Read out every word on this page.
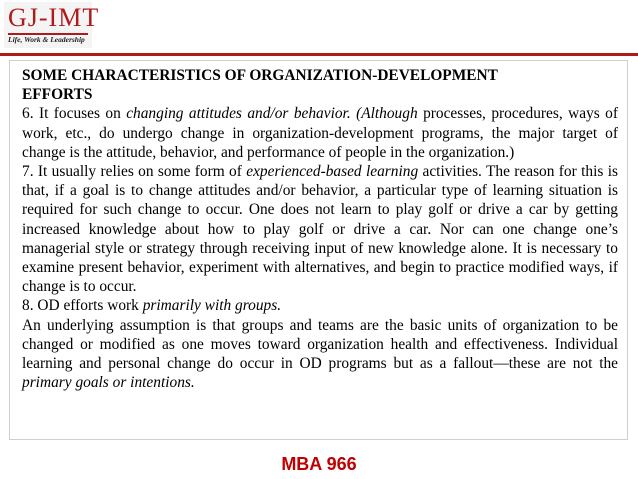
GJ-IMT
Life, Work & Leadership

SOME CHARACTERISTICS OF ORGANIZATION-DEVELOPMENT
EFFORTS

6. It focuses on changing attitudes and/or behavior. (Although processes, procedures, ways of work, etc., do undergo change in organization-development programs, the major target of change is the attitude, behavior, and performance of people in the organization.)

7. It usually relies on some form of experienced-based learning activities. The reason for this is that, if a goal is to change attitudes and/or behavior, a particular type of learning situation is required for such change to occur. One does not learn to play golf or drive a car by getting increased knowledge about how to play golf or drive a car. Nor can one change one’s managerial style or strategy through receiving input of new knowledge alone. It is necessary to examine present behavior, experiment with alternatives, and begin to practice modified ways, if change is to occur.

8. OD efforts work primarily with groups.

An underlying assumption is that groups and teams are the basic units of organization to be changed or modified as one moves toward organization health and effectiveness. Individual learning and personal change do occur in OD programs but as a fallout—these are not the primary goals or intentions.

MBA 966
